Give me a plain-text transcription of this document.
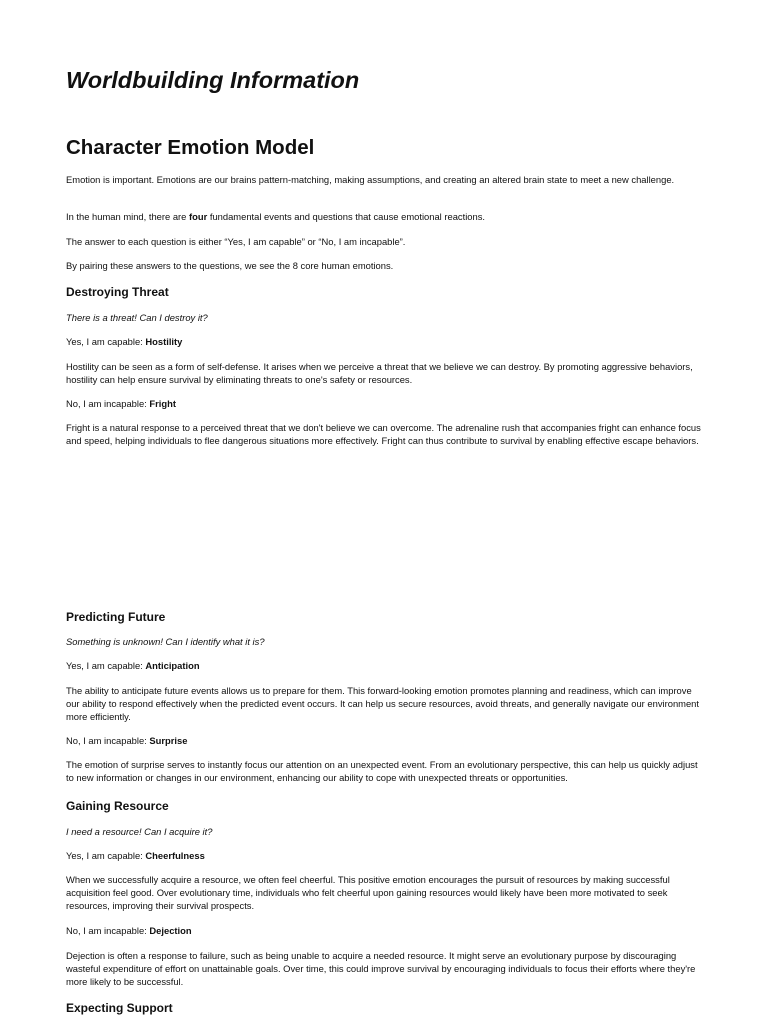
Worldbuilding Information
Character Emotion Model

Emotion is important. Emotions are our brains pattern-matching, making assumptions, and creating an altered brain state to meet a new challenge.

In the human mind, there are four fundamental events and questions that cause emotional reactions.

The answer to each question is either “Yes, I am capable” or “No, I am incapable”.

By pairing these answers to the questions, we see the 8 core human emotions.

Destroying Threat

There is a threat! Can I destroy it?

Yes, I am capable: Hostility

Hostility can be seen as a form of self-defense. It arises when we perceive a threat that we believe we can destroy. By promoting aggressive behaviors, hostility can help ensure survival by eliminating threats to one's safety or resources.

No, I am incapable: Fright

Fright is a natural response to a perceived threat that we don't believe we can overcome. The adrenaline rush that accompanies fright can enhance focus and speed, helping individuals to flee dangerous situations more effectively. Fright can thus contribute to survival by enabling effective escape behaviors.

Predicting Future

Something is unknown! Can I identify what it is?

Yes, I am capable: Anticipation

The ability to anticipate future events allows us to prepare for them. This forward-looking emotion promotes planning and readiness, which can improve our ability to respond effectively when the predicted event occurs. It can help us secure resources, avoid threats, and generally navigate our environment more efficiently.

No, I am incapable: Surprise

The emotion of surprise serves to instantly focus our attention on an unexpected event. From an evolutionary perspective, this can help us quickly adjust to new information or changes in our environment, enhancing our ability to cope with unexpected threats or opportunities.

Gaining Resource

I need a resource! Can I acquire it?

Yes, I am capable: Cheerfulness

When we successfully acquire a resource, we often feel cheerful. This positive emotion encourages the pursuit of resources by making successful acquisition feel good. Over evolutionary time, individuals who felt cheerful upon gaining resources would likely have been more motivated to seek resources, improving their survival prospects.

No, I am incapable: Dejection

Dejection is often a response to failure, such as being unable to acquire a needed resource. It might serve an evolutionary purpose by discouraging wasteful expenditure of effort on unattainable goals. Over time, this could improve survival by encouraging individuals to focus their efforts where they're more likely to be successful.

Expecting Support
